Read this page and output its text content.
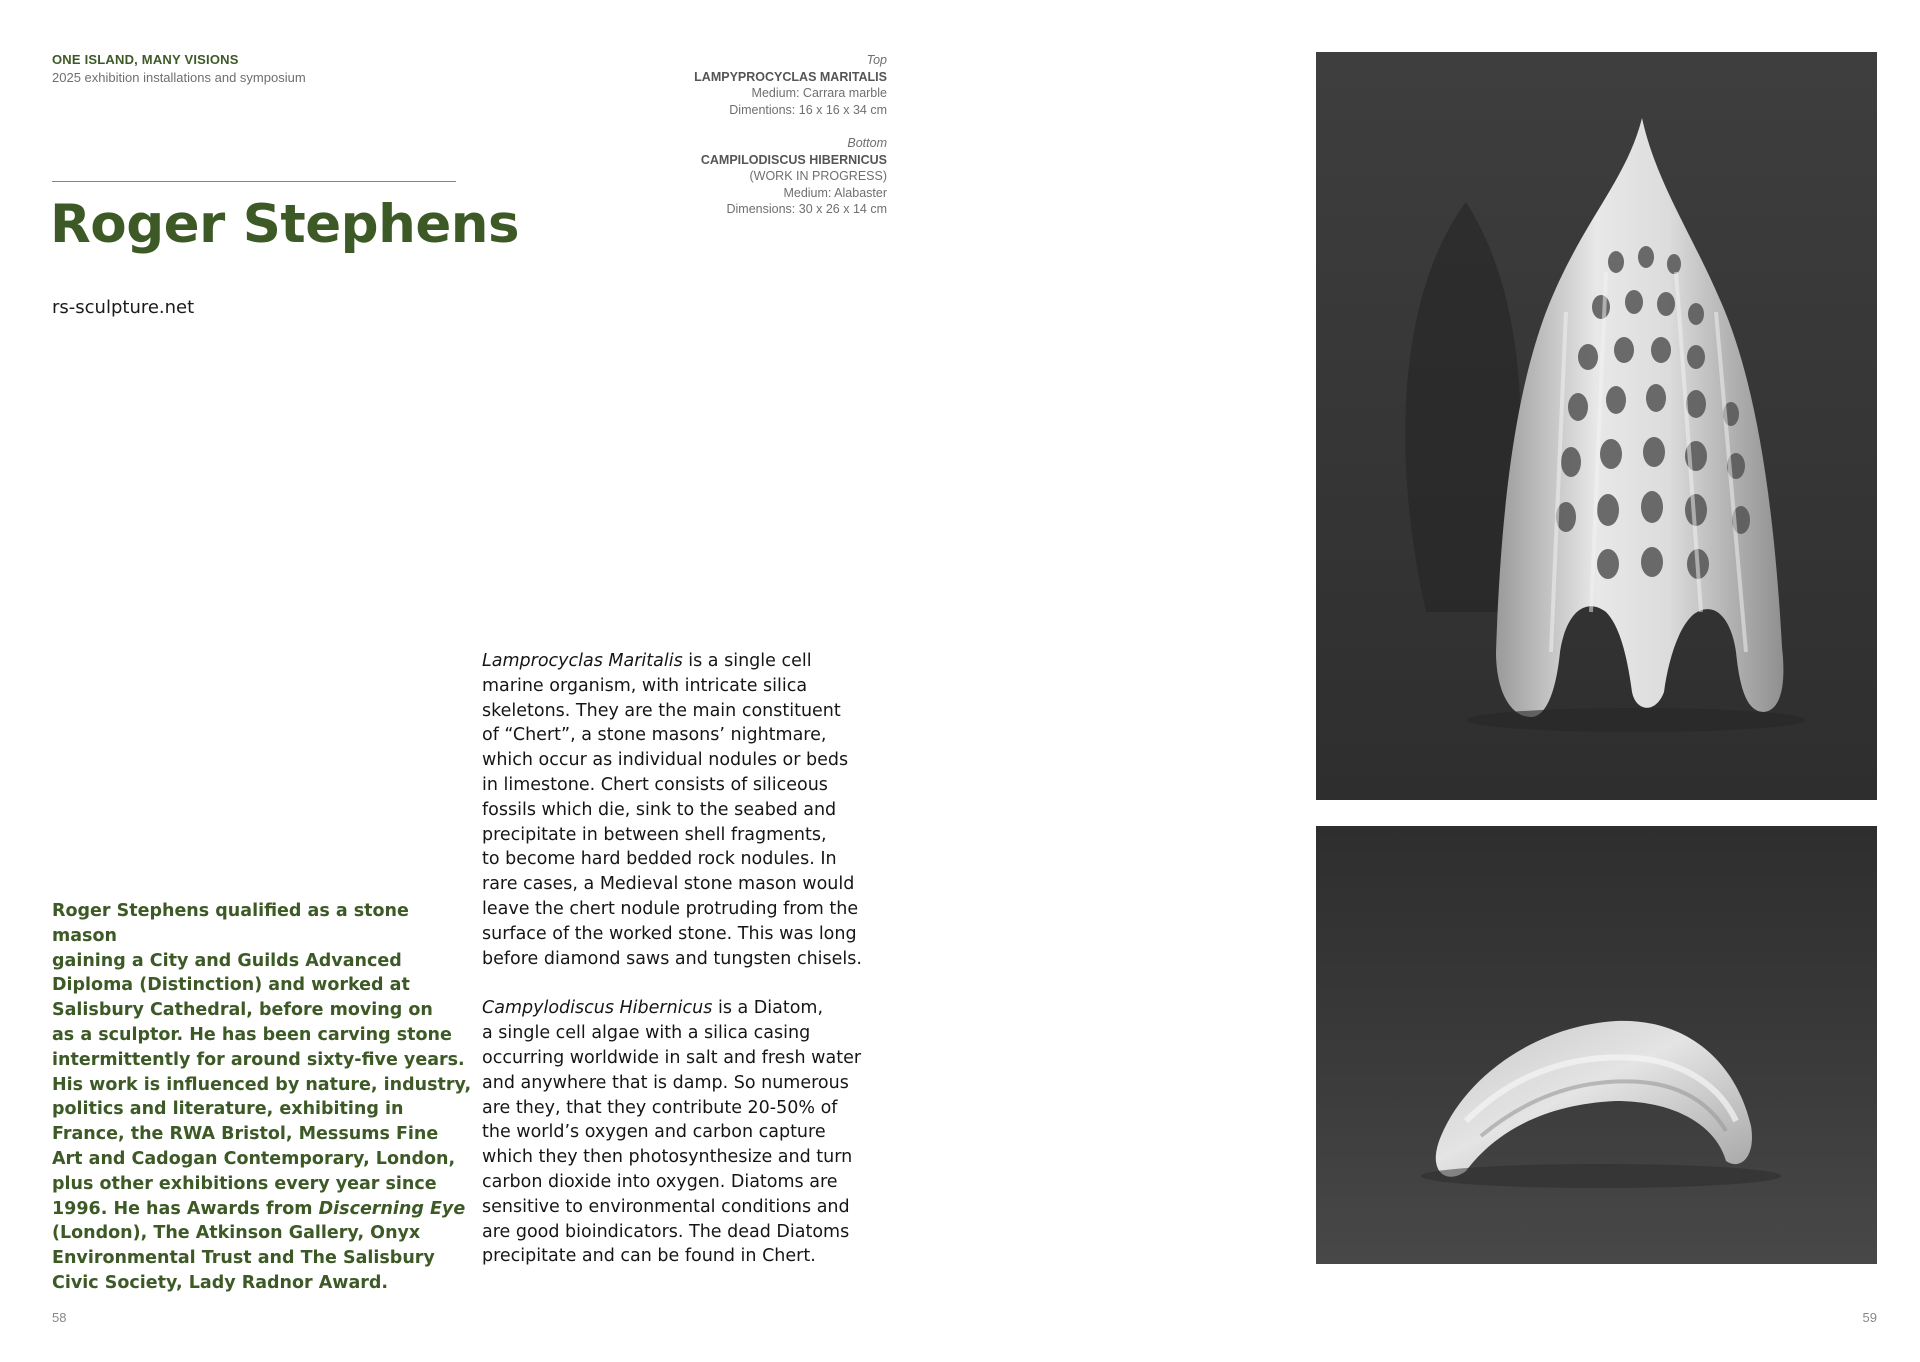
ONE ISLAND, MANY VISIONS
2025 exhibition installations and symposium
Roger Stephens
rs-sculpture.net
Top
LAMPYPROCYCLAS MARITALIS
Medium: Carrara marble
Dimentions: 16 x 16 x 34 cm
Bottom
CAMPILODISCUS HIBERNICUS
(WORK IN PROGRESS)
Medium: Alabaster
Dimensions: 30 x 26 x 14 cm
Roger Stephens qualified as a stone mason
gaining a City and Guilds Advanced
Diploma (Distinction) and worked at
Salisbury Cathedral, before moving on
as a sculptor. He has been carving stone
intermittently for around sixty-five years.
His work is influenced by nature, industry,
politics and literature, exhibiting in
France, the RWA Bristol, Messums Fine
Art and Cadogan Contemporary, London,
plus other exhibitions every year since
1996. He has Awards from Discerning Eye
(London), The Atkinson Gallery, Onyx
Environmental Trust and The Salisbury
Civic Society, Lady Radnor Award.
Lamprocyclas Maritalis is a single cell
marine organism, with intricate silica
skeletons. They are the main constituent
of “Chert”, a stone masons’ nightmare,
which occur as individual nodules or beds
in limestone. Chert consists of siliceous
fossils which die, sink to the seabed and
precipitate in between shell fragments,
to become hard bedded rock nodules. In
rare cases, a Medieval stone mason would
leave the chert nodule protruding from the
surface of the worked stone. This was long
before diamond saws and tungsten chisels.
Campylodiscus Hibernicus is a Diatom,
a single cell algae with a silica casing
occurring worldwide in salt and fresh water
and anywhere that is damp. So numerous
are they, that they contribute 20-50% of
the world’s oxygen and carbon capture
which they then photosynthesize and turn
carbon dioxide into oxygen. Diatoms are
sensitive to environmental conditions and
are good bioindicators. The dead Diatoms
precipitate and can be found in Chert.
58	59
